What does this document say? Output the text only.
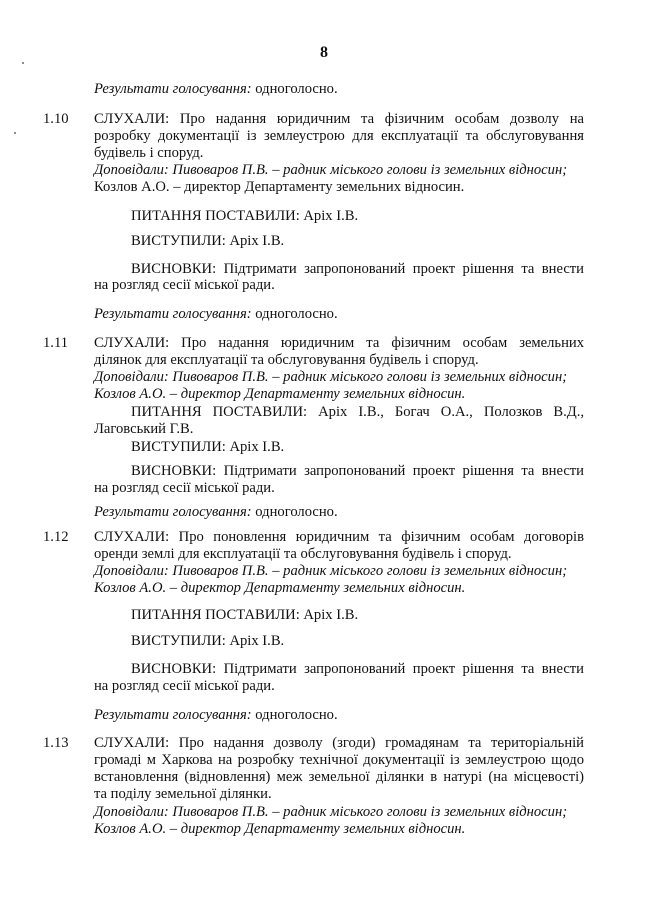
8
Результати голосування: одноголосно.
1.10 СЛУХАЛИ: Про надання юридичним та фізичним особам дозволу на
розробку документації із землеустрою для експлуатації та обслуговування
будівель і споруд.
Доповідали: Пивоваров П.В. – радник міського голови із земельних відносин;
Козлов А.О. – директор Департаменту земельних відносин.
ПИТАННЯ ПОСТАВИЛИ: Аріх І.В.
ВИСТУПИЛИ: Аріх І.В.
ВИСНОВКИ: Підтримати запропонований проект рішення та внести
на розгляд сесії міської ради.
Результати голосування: одноголосно.
1.11 СЛУХАЛИ: Про надання юридичним та фізичним особам земельних
ділянок для експлуатації та обслуговування будівель і споруд.
Доповідали: Пивоваров П.В. – радник міського голови із земельних відносин;
Козлов А.О. – директор Департаменту земельних відносин.
ПИТАННЯ ПОСТАВИЛИ: Аріх І.В., Богач О.А., Полозков В.Д.,
Лаговський Г.В.
ВИСТУПИЛИ: Аріх І.В.
ВИСНОВКИ: Підтримати запропонований проект рішення та внести
на розгляд сесії міської ради.
Результати голосування: одноголосно.
1.12 СЛУХАЛИ: Про поновлення юридичним та фізичним особам договорів
оренди землі для експлуатації та обслуговування будівель і споруд.
Доповідали: Пивоваров П.В. – радник міського голови із земельних відносин;
Козлов А.О. – директор Департаменту земельних відносин.
ПИТАННЯ ПОСТАВИЛИ: Аріх І.В.
ВИСТУПИЛИ: Аріх І.В.
ВИСНОВКИ: Підтримати запропонований проект рішення та внести
на розгляд сесії міської ради.
Результати голосування: одноголосно.
1.13 СЛУХАЛИ: Про надання дозволу (згоди) громадянам та територіальній
громаді м Харкова на розробку технічної документації із землеустрою щодо
встановлення (відновлення) меж земельної ділянки в натурі (на місцевості)
та поділу земельної ділянки.
Доповідали: Пивоваров П.В. – радник міського голови із земельних відносин;
Козлов А.О. – директор Департаменту земельних відносин.
